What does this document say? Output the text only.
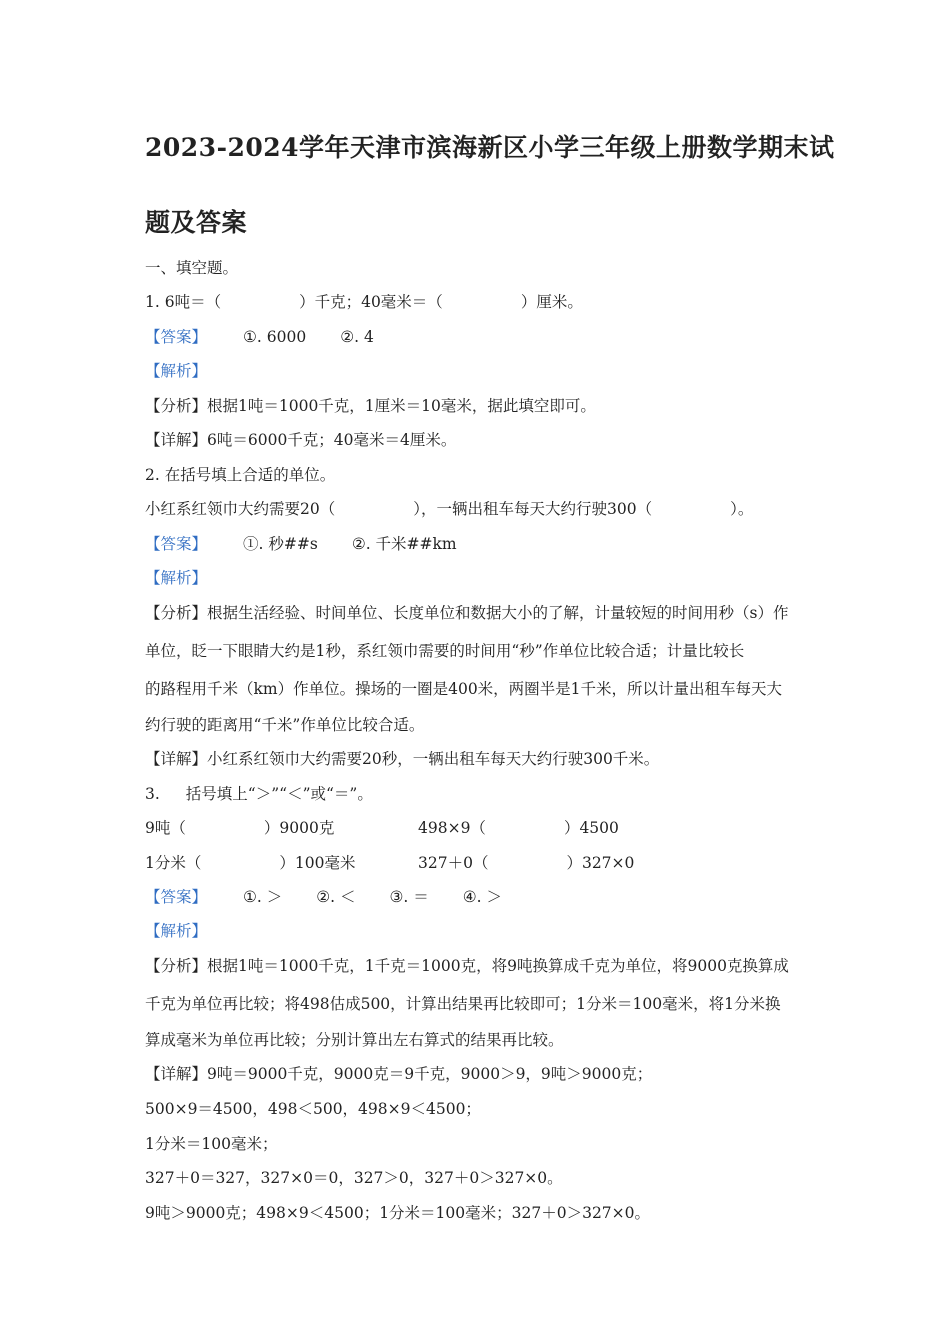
2023-2024学年天津市滨海新区小学三年级上册数学期末试
题及答案
一、填空题。
1. 6吨＝（	）千克；40毫米＝（	）厘米。
【答案】 ①. 6000 ②. 4
【解析】
【分析】根据1吨＝1000千克，1厘米＝10毫米，据此填空即可。
【详解】6吨＝6000千克；40毫米＝4厘米。
2. 在括号填上合适的单位。
小红系红领巾大约需要20（	），一辆出租车每天大约行驶300（	）。
【答案】 ①. 秒##s ②. 千米##km
【解析】
【分析】根据生活经验、时间单位、长度单位和数据大小的了解，计量较短的时间用秒（s）作
单位，眨一下眼睛大约是1秒，系红领巾需要的时间用“秒”作单位比较合适；计量比较长
的路程用千米（km）作单位。操场的一圈是400米，两圈半是1千米，所以计量出租车每天大
约行驶的距离用“千米”作单位比较合适。
【详解】小红系红领巾大约需要20秒，一辆出租车每天大约行驶300千米。
3. 括号填上“＞”“＜”或“＝”。
9吨（	）9000克	498×9（	）4500
1分米（	）100毫米	327＋0（	）327×0
【答案】 ①. ＞ ②. ＜ ③. ＝ ④. ＞
【解析】
【分析】根据1吨＝1000千克，1千克＝1000克，将9吨换算成千克为单位，将9000克换算成
千克为单位再比较；将498估成500，计算出结果再比较即可；1分米＝100毫米，将1分米换
算成毫米为单位再比较；分别计算出左右算式的结果再比较。
【详解】9吨＝9000千克，9000克＝9千克，9000＞9，9吨＞9000克；
500×9＝4500，498＜500，498×9＜4500；
1分米＝100毫米；
327＋0＝327，327×0＝0，327＞0，327＋0＞327×0。
9吨＞9000克；498×9＜4500；1分米＝100毫米；327＋0＞327×0。
